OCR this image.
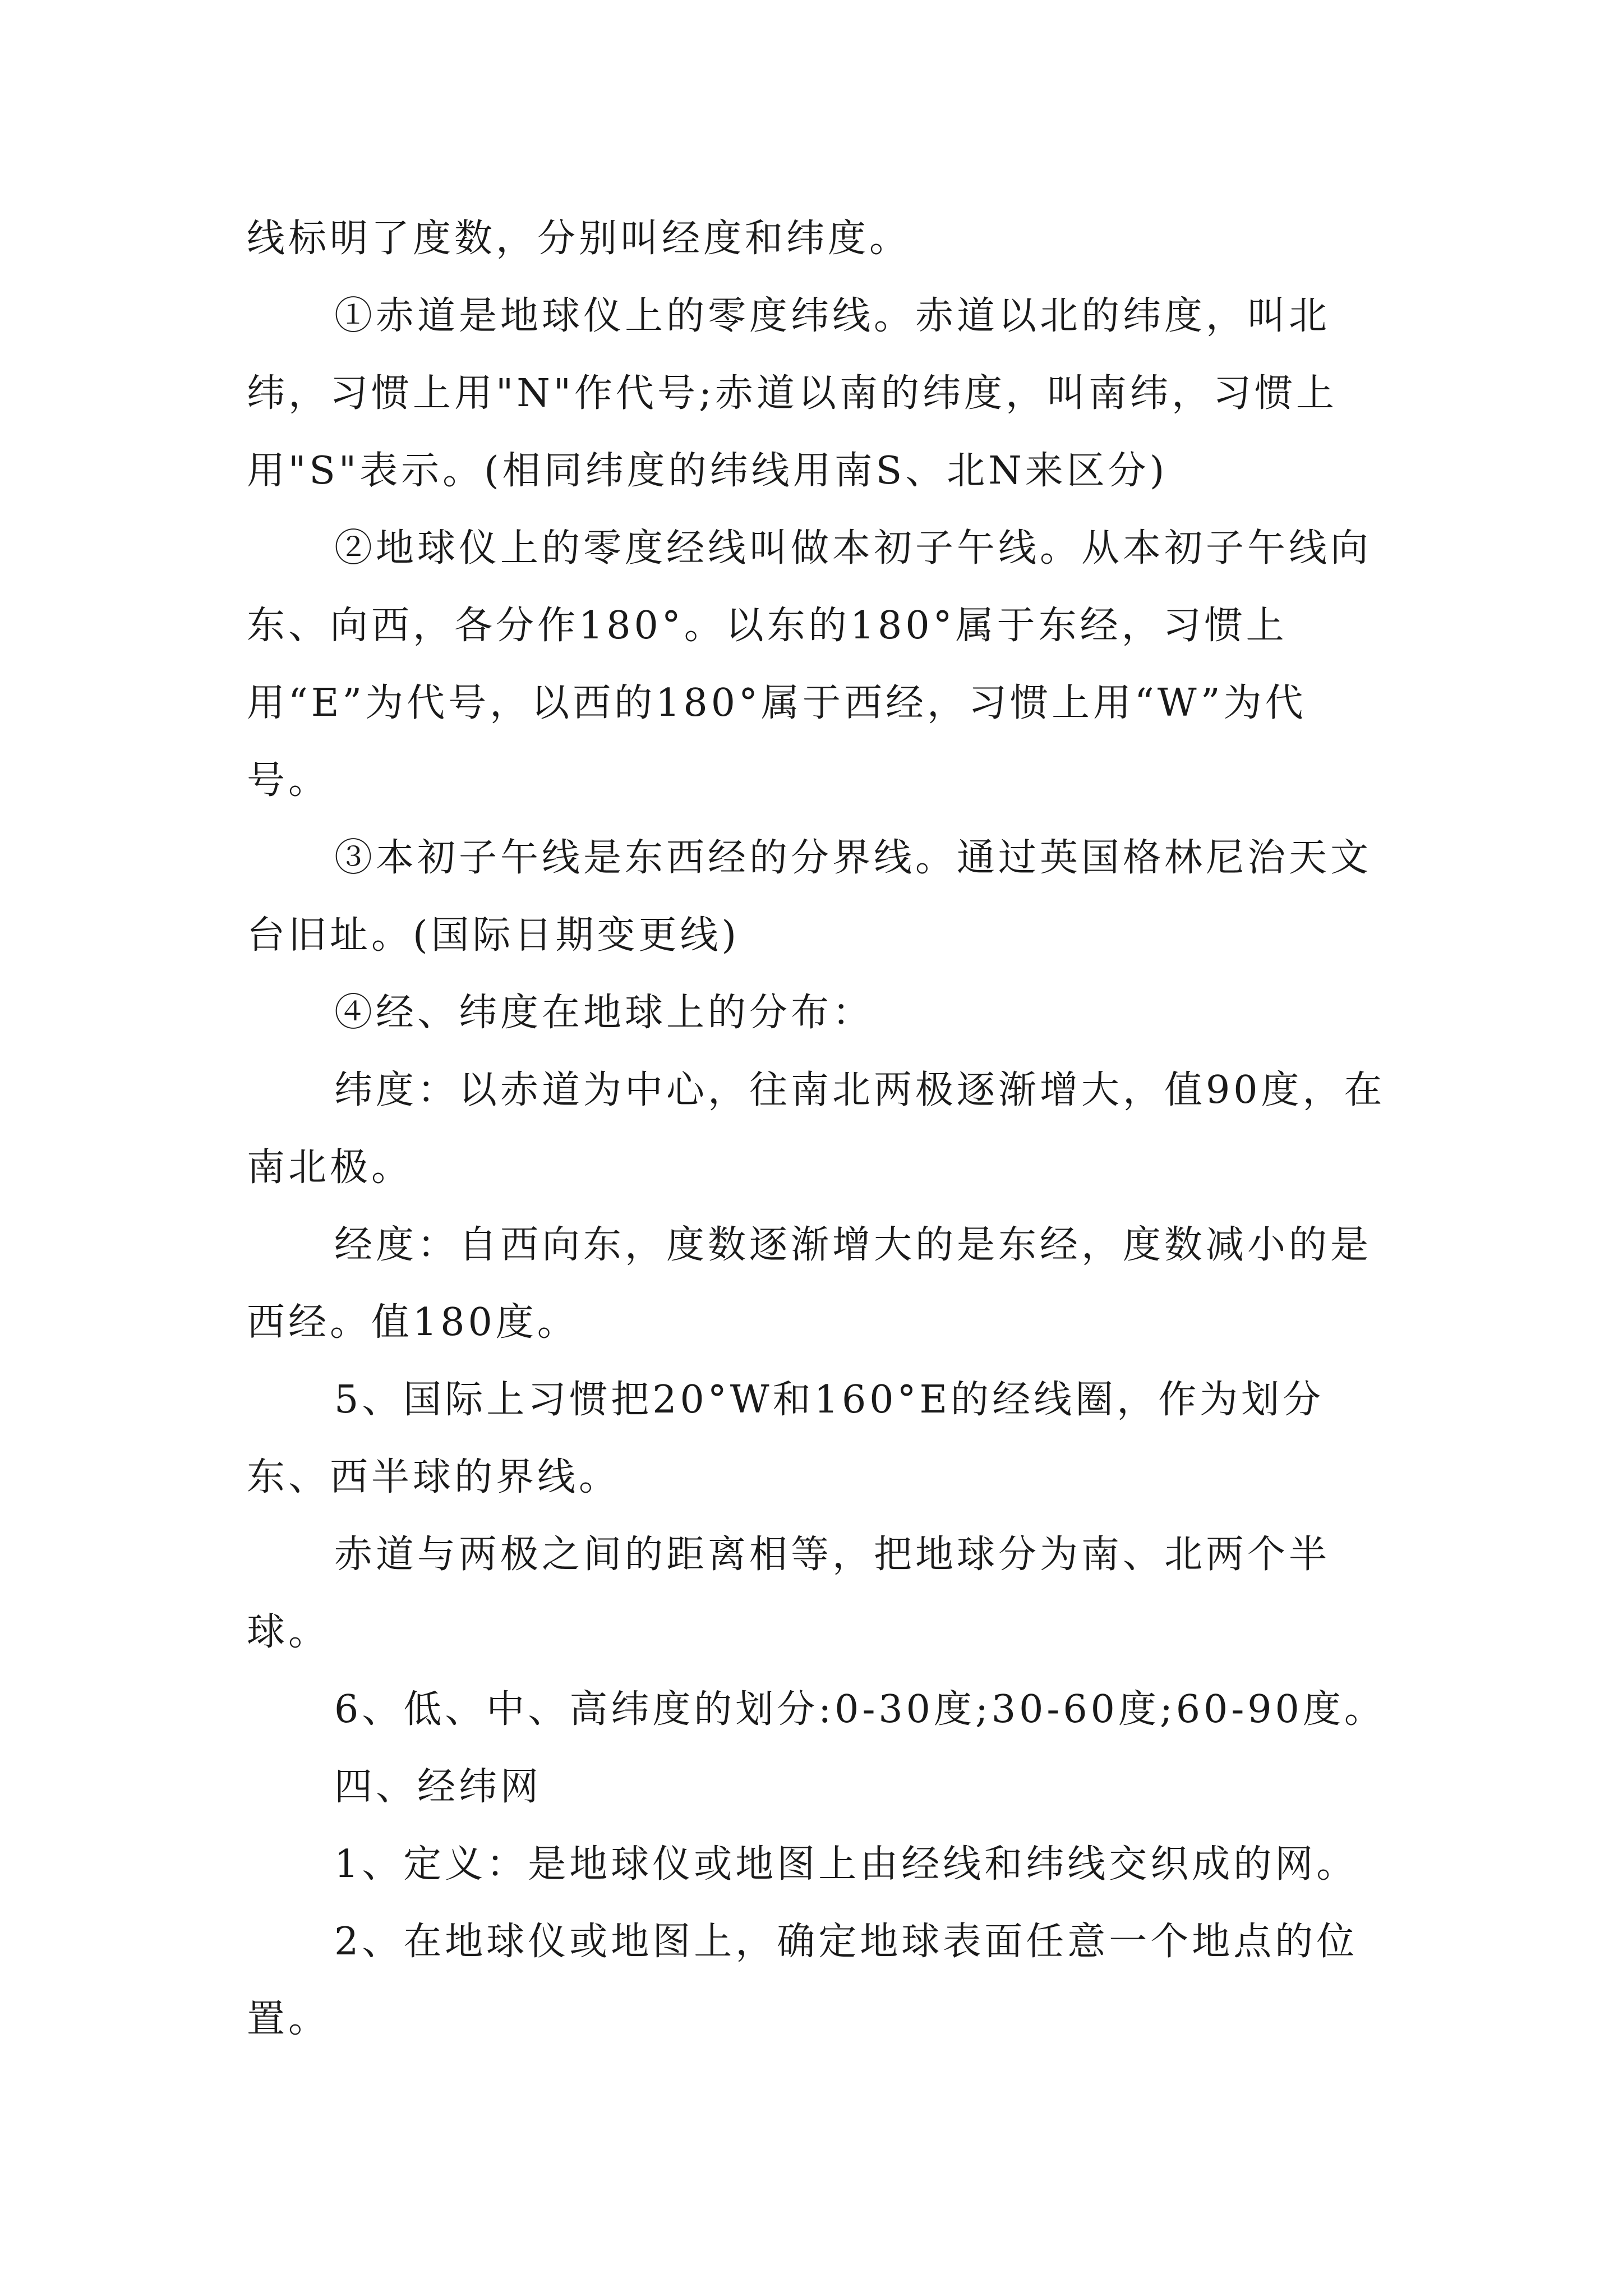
线标明了度数，分别叫经度和纬度。

①赤道是地球仪上的零度纬线。赤道以北的纬度，叫北纬，习惯上用"N"作代号;赤道以南的纬度，叫南纬，习惯上用"S"表示。(相同纬度的纬线用南S、北N来区分)

②地球仪上的零度经线叫做本初子午线。从本初子午线向东、向西，各分作180°。以东的180°属于东经，习惯上用“E”为代号，以西的180°属于西经，习惯上用“W”为代号。

③本初子午线是东西经的分界线。通过英国格林尼治天文台旧址。(国际日期变更线)

④经、纬度在地球上的分布：

纬度：以赤道为中心，往南北两极逐渐增大，值90度，在南北极。

经度：自西向东，度数逐渐增大的是东经，度数减小的是西经。值180度。

5、国际上习惯把20°W和160°E的经线圈，作为划分东、西半球的界线。

赤道与两极之间的距离相等，把地球分为南、北两个半球。

6、低、中、高纬度的划分:0-30度;30-60度;60-90度。

四、经纬网

1、定义：是地球仪或地图上由经线和纬线交织成的网。

2、在地球仪或地图上，确定地球表面任意一个地点的位置。
